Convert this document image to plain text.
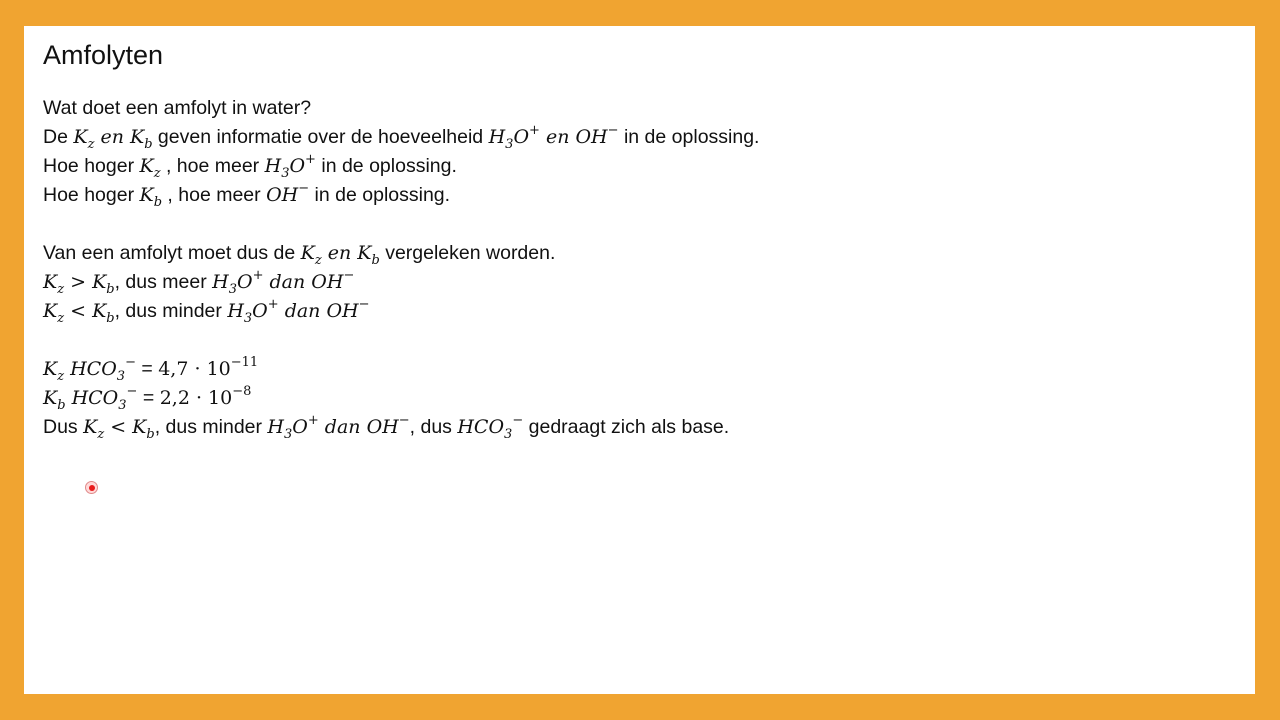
Amfolyten
Wat doet een amfolyt in water?
De $K_z$ en $K_b$ geven informatie over de hoeveelheid $H_3O^+$ en OH− in de oplossing.
Hoe hoger $K_z$ , hoe meer $H_3O^+$ in de oplossing.
Hoe hoger $K_b$ , hoe meer OH− in de oplossing.
Van een amfolyt moet dus de $K_z$ en $K_b$ vergeleken worden.
$K_z > K_b$, dus meer $H_3O^+$ dan OH−
$K_z < K_b$, dus minder $H_3O^+$ dan OH−
$K_z$ $HCO_3^- = 4,7 \cdot 10^{-11}$
$K_b$ $HCO_3^- = 2,2 \cdot 10^{-8}$
Dus $K_z < K_b$, dus minder $H_3O^+$ dan OH−, dus $HCO_3^-$ gedraagt zich als base.
